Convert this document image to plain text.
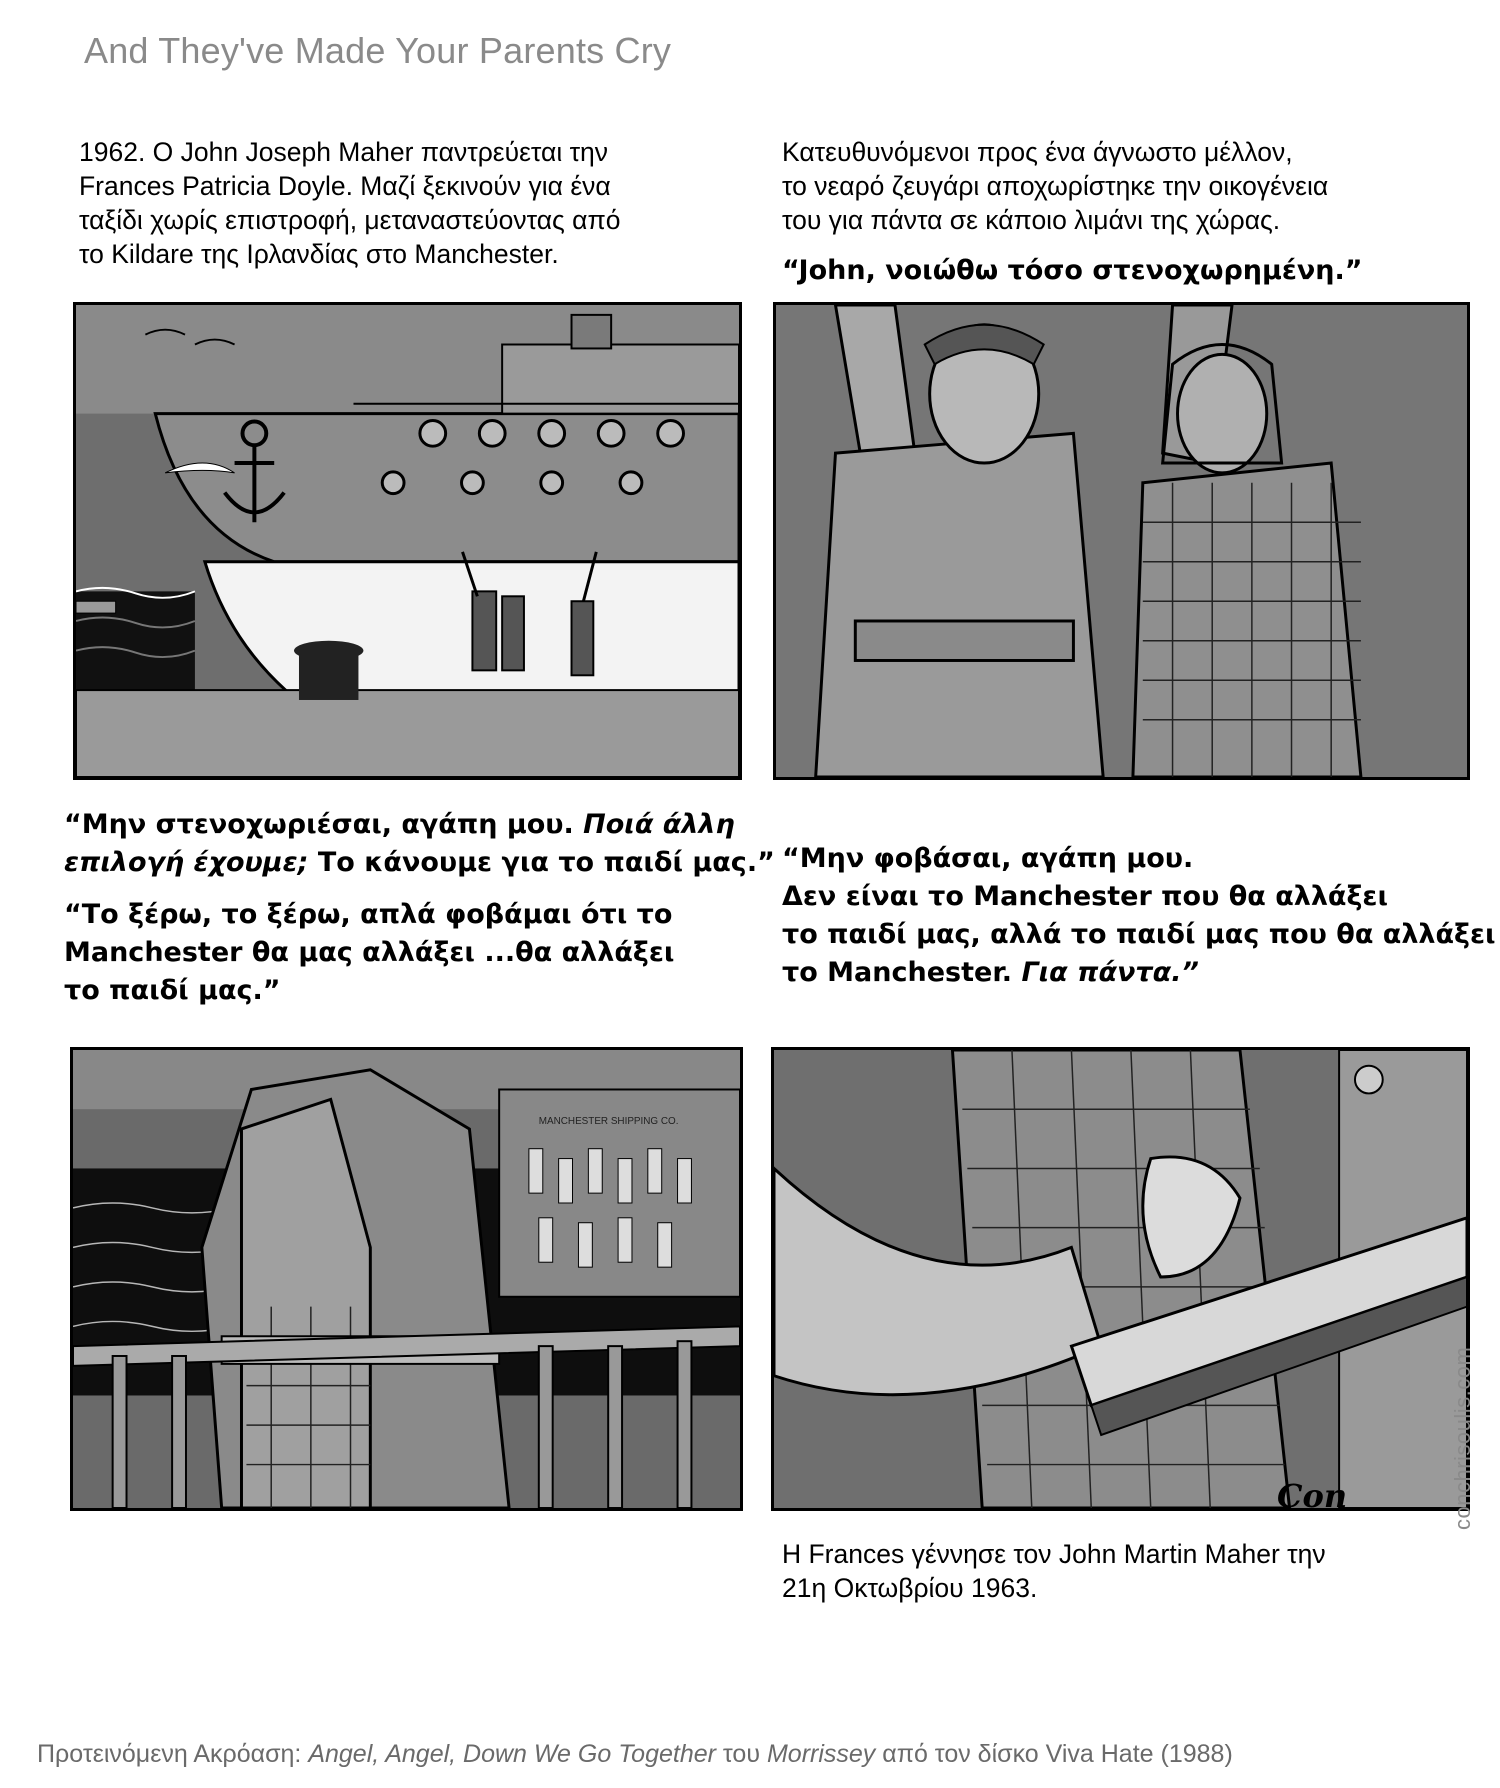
And They've Made Your Parents Cry
1962. Ο John Joseph Maher παντρεύεται την
Frances Patricia Doyle. Μαζί ξεκινούν για ένα
ταξίδι χωρίς επιστροφή, μεταναστεύοντας από
το Kildare της Ιρλανδίας στο Manchester.
Κατευθυνόμενοι προς ένα άγνωστο μέλλον,
το νεαρό ζευγάρι αποχωρίστηκε την οικογένεια
του για πάντα σε κάποιο λιμάνι της χώρας.
“John, νοιώθω τόσο στενοχωρημένη.”
“Μην στενοχωριέσαι, αγάπη μου. Ποιά άλλη
επιλογή έχουμε; Το κάνουμε για το παιδί μας.”
“Το ξέρω, το ξέρω, απλά φοβάμαι ότι το
Manchester θα μας αλλάξει ...θα αλλάξει
το παιδί μας.”
“Μην φοβάσαι, αγάπη μου.
Δεν είναι το Manchester που θα αλλάξει
το παιδί μας, αλλά το παιδί μας που θα αλλάξει
το Manchester. Για πάντα.”
MANCHESTER SHIPPING CO.
Con	conchrisoulis.com
Η Frances γέννησε τον John Martin Maher την
21η Οκτωβρίου 1963.
Προτεινόμενη Ακρόαση: Angel, Angel, Down We Go Together του Morrissey από τον δίσκο Viva Hate (1988)
